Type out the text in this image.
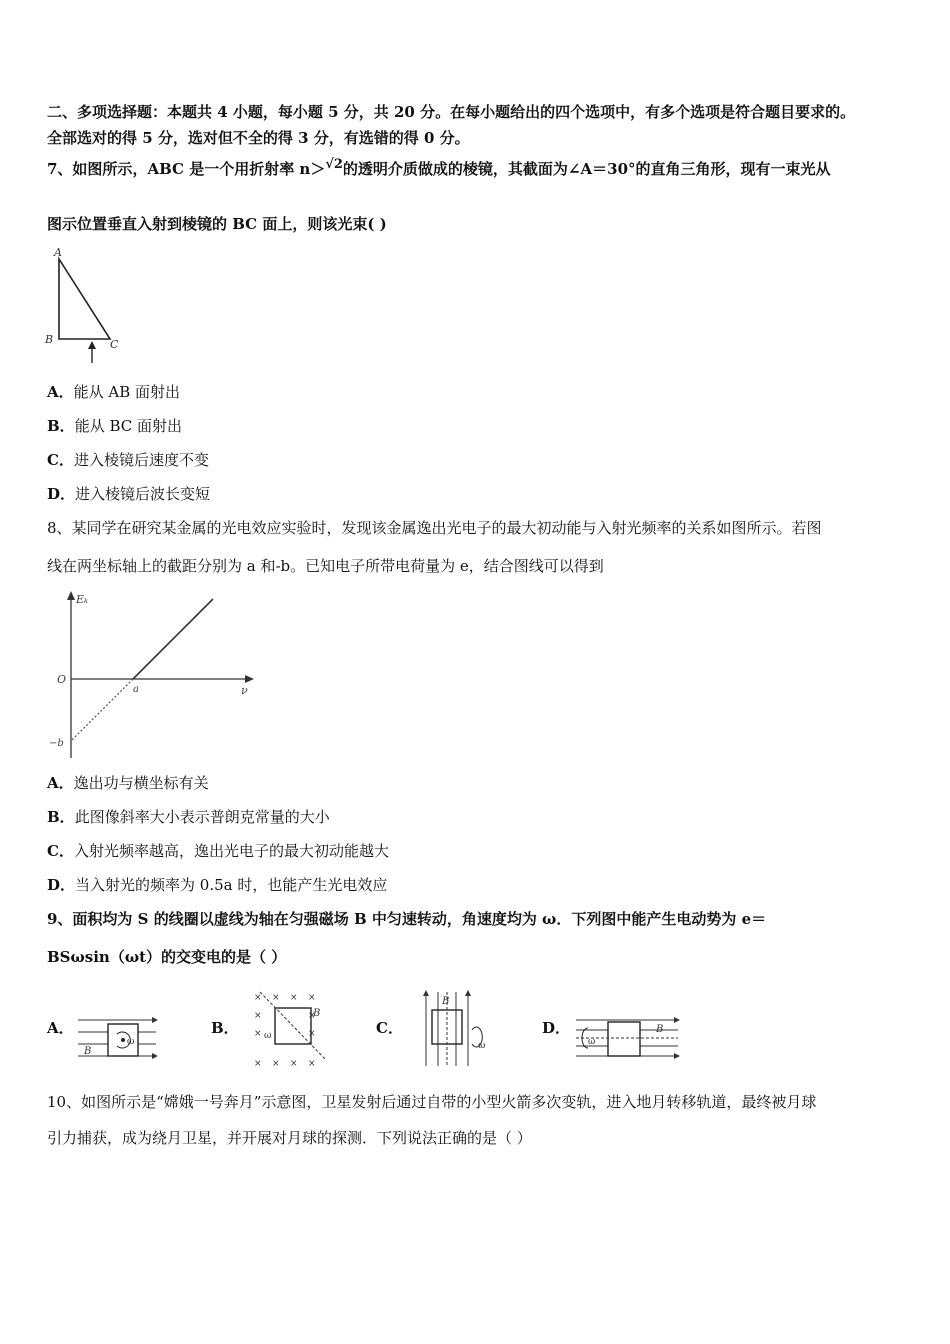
二、多项选择题：本题共 4 小题，每小题 5 分，共 20 分。在每小题给出的四个选项中，有多个选项是符合题目要求的。
全部选对的得 5 分，选对但不全的得 3 分，有选错的得 0 分。
7、如图所示，ABC 是一个用折射率 n＞√2的透明介质做成的棱镜，其截面为∠A＝30°的直角三角形，现有一束光从
图示位置垂直入射到棱镜的 BC 面上，则该光束( )
A
B	C
A．能从 AB 面射出
B．能从 BC 面射出
C．进入棱镜后速度不变
D．进入棱镜后波长变短
8、某同学在研究某金属的光电效应实验时，发现该金属逸出光电子的最大初动能与入射光频率的关系如图所示。若图
线在两坐标轴上的截距分别为 a 和-b。已知电子所带电荷量为 e，结合图线可以得到
Eₖ
O
a	ν
−b
A．逸出功与横坐标有关
B．此图像斜率大小表示普朗克常量的大小
C．入射光频率越高，逸出光电子的最大初动能越大
D．当入射光的频率为 0.5a 时，也能产生光电效应
9、面积均为 S 的线圈以虚线为轴在匀强磁场 B 中匀速转动，角速度均为 ω．下列图中能产生电动势为 e＝
BSωsin（ωt）的交变电的是（ ）
A．	B．	C．	D．
B
ω
× × × ×
×	×
×	×
× × × ×
B
ω
B
ω
B
ω
10、如图所示是“嫦娥一号奔月”示意图，卫星发射后通过自带的小型火箭多次变轨，进入地月转移轨道，最终被月球
引力捕获，成为绕月卫星，并开展对月球的探测．下列说法正确的是（ ）
